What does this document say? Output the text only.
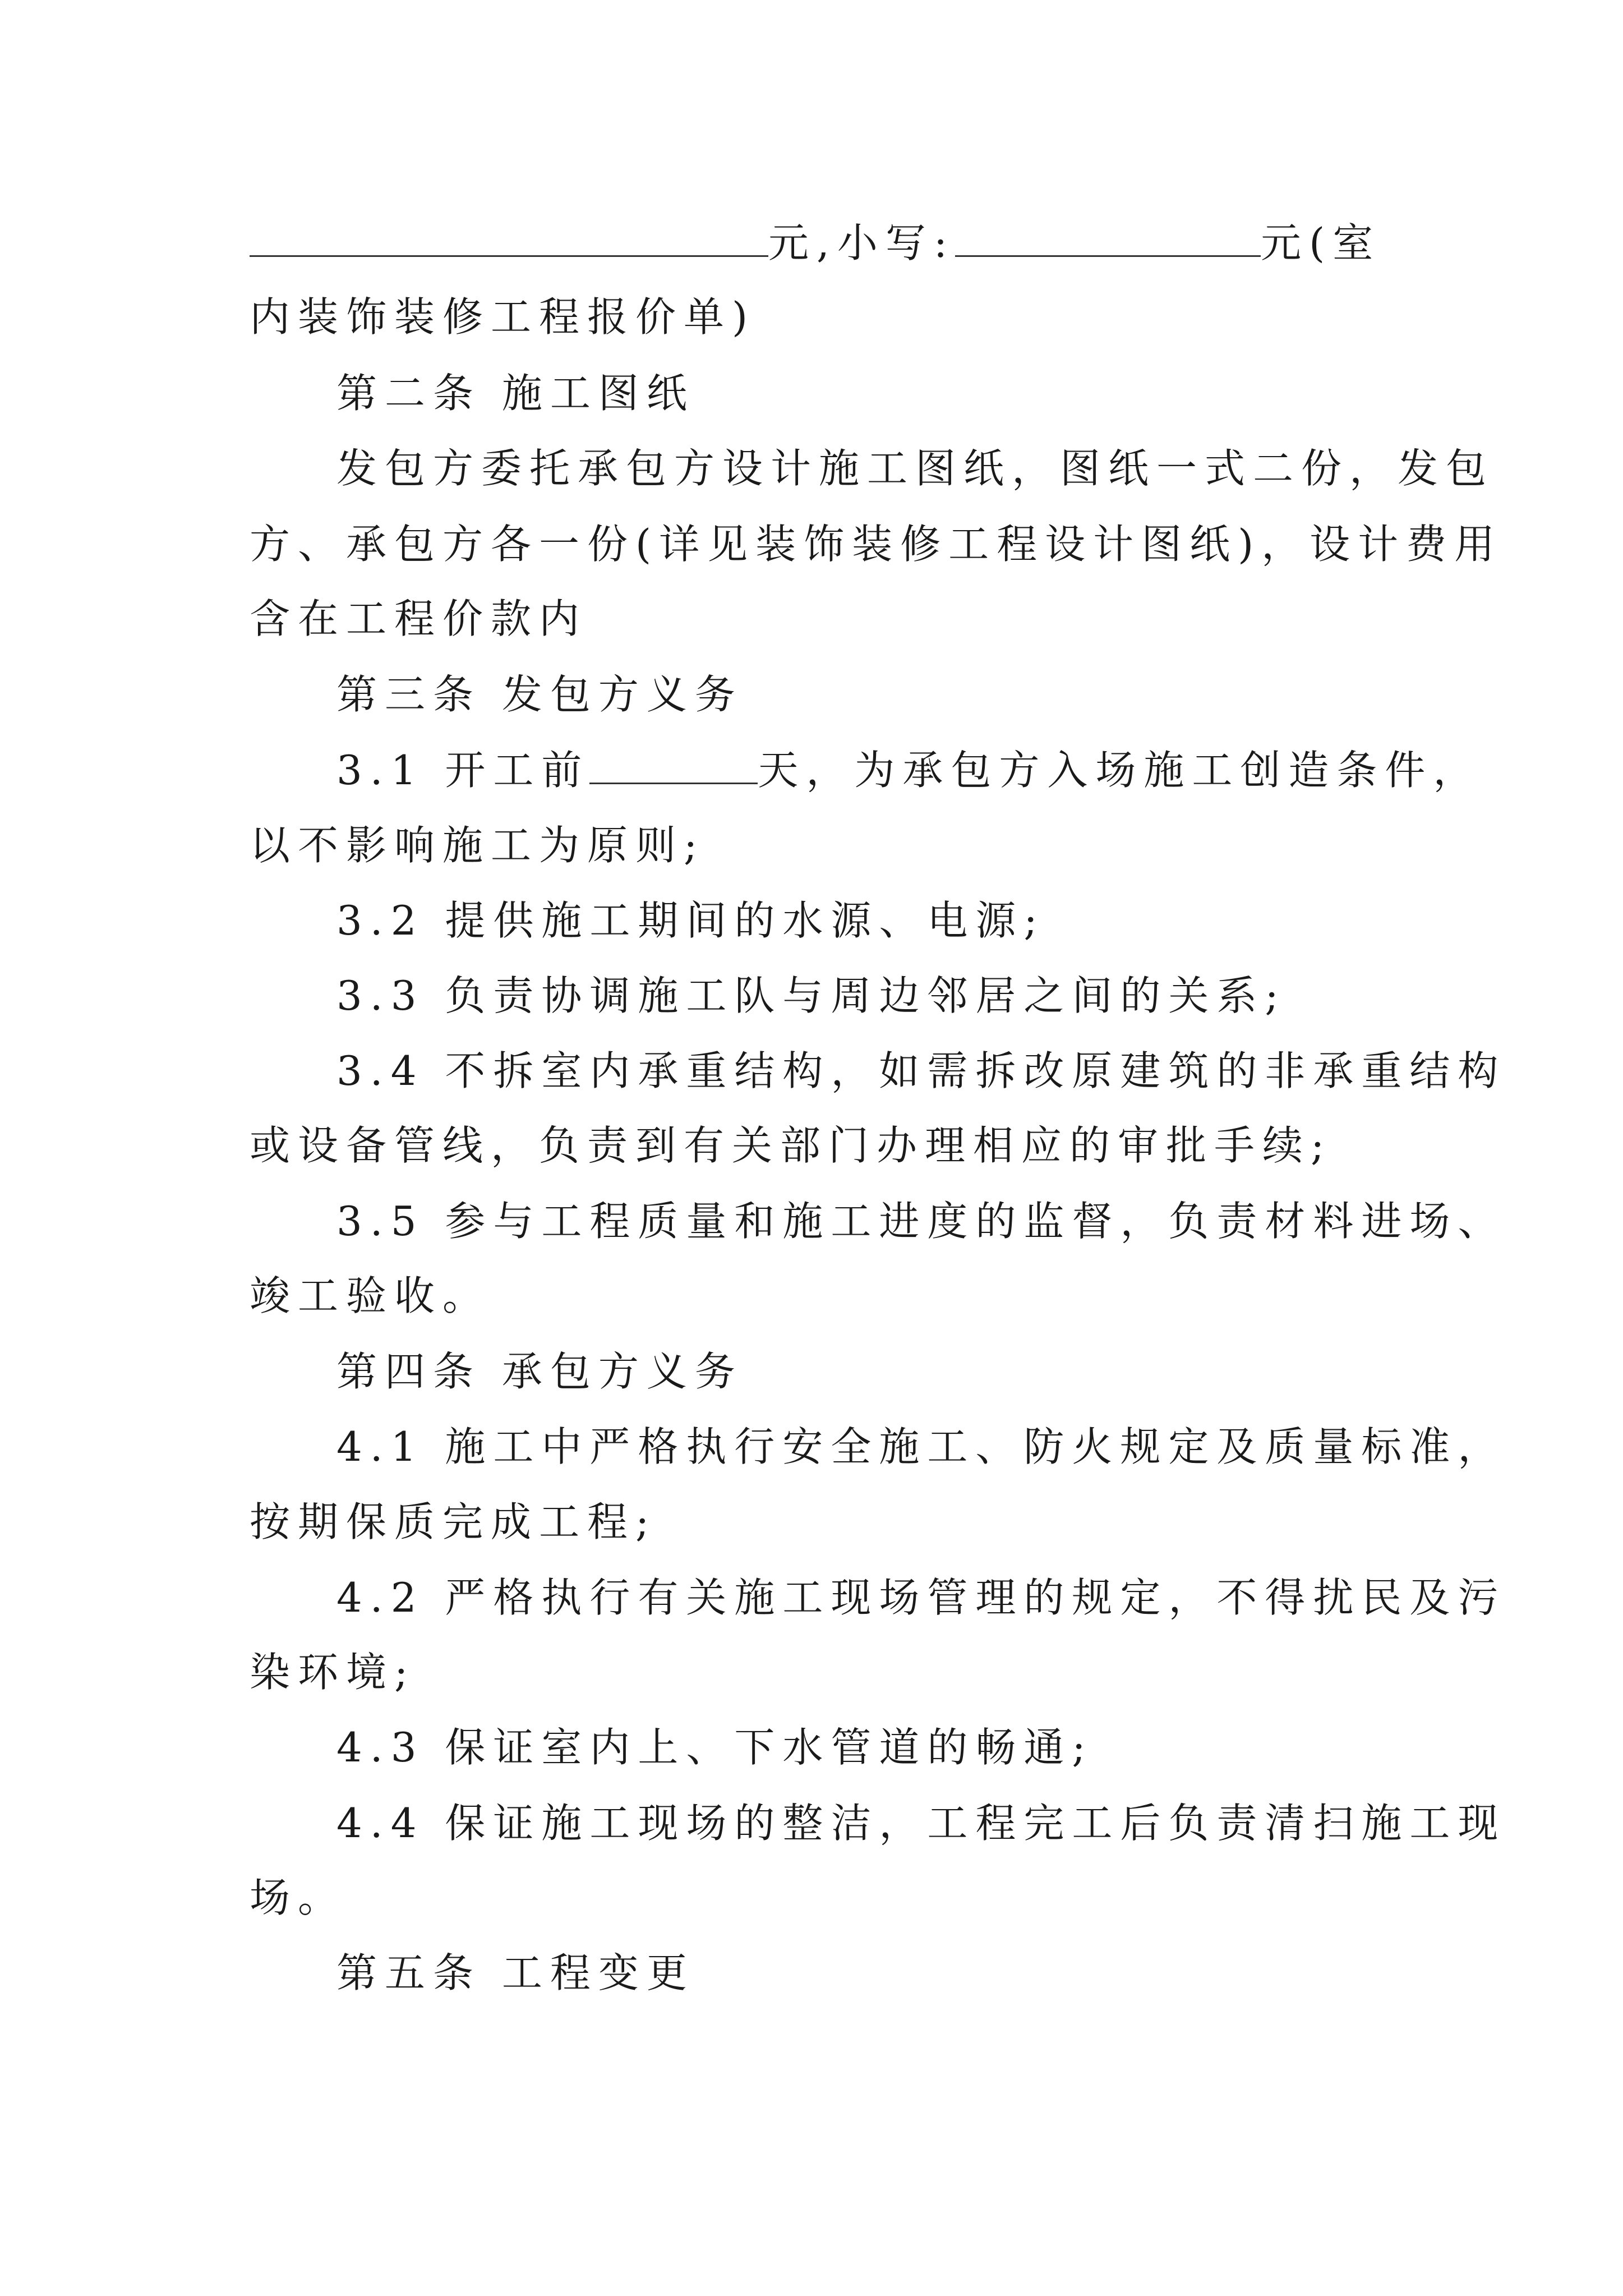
元,小写:	元(室
内装饰装修工程报价单)
第二条 施工图纸
发包方委托承包方设计施工图纸，图纸一式二份，发包
方、承包方各一份(详见装饰装修工程设计图纸)，设计费用
含在工程价款内
第三条 发包方义务
3.1 开工前	天，为承包方入场施工创造条件，
以不影响施工为原则;
3.2 提供施工期间的水源、电源;
3.3 负责协调施工队与周边邻居之间的关系;
3.4 不拆室内承重结构，如需拆改原建筑的非承重结构
或设备管线，负责到有关部门办理相应的审批手续;
3.5 参与工程质量和施工进度的监督，负责材料进场、
竣工验收。
第四条 承包方义务
4.1 施工中严格执行安全施工、防火规定及质量标准，
按期保质完成工程;
4.2 严格执行有关施工现场管理的规定，不得扰民及污
染环境;
4.3 保证室内上、下水管道的畅通;
4.4 保证施工现场的整洁，工程完工后负责清扫施工现
场。
第五条 工程变更
